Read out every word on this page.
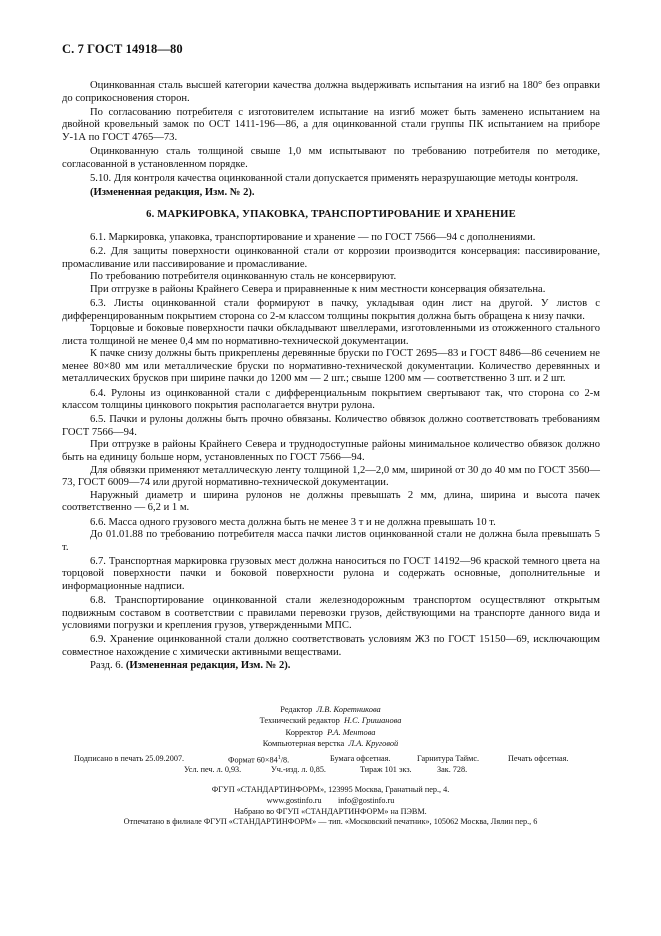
С. 7 ГОСТ 14918—80

Оцинкованная сталь высшей категории качества должна выдерживать испытания на изгиб на 180° без оправки до соприкосновения сторон.

По согласованию потребителя с изготовителем испытание на изгиб может быть заменено испытанием на двойной кровельный замок по ОСТ 1411-196—86, а для оцинкованной стали группы ПК испытанием на приборе У-1А по ГОСТ 4765—73.

Оцинкованную сталь толщиной свыше 1,0 мм испытывают по требованию потребителя по методике, согласованной в установленном порядке.

5.10. Для контроля качества оцинкованной стали допускается применять неразрушающие методы контроля.

(Измененная редакция, Изм. № 2).

6. МАРКИРОВКА, УПАКОВКА, ТРАНСПОРТИРОВАНИЕ И ХРАНЕНИЕ

6.1. Маркировка, упаковка, транспортирование и хранение — по ГОСТ 7566—94 с дополнениями.

6.2. Для защиты поверхности оцинкованной стали от коррозии производится консервация: пассивирование, промасливание или пассивирование и промасливание.

По требованию потребителя оцинкованную сталь не консервируют.

При отгрузке в районы Крайнего Севера и приравненные к ним местности консервация обязательна.

6.3. Листы оцинкованной стали формируют в пачку, укладывая один лист на другой. У листов с дифференцированным покрытием сторона со 2-м классом толщины покрытия должна быть обращена к низу пачки.

Торцовые и боковые поверхности пачки обкладывают швеллерами, изготовленными из отожженного стального листа толщиной не менее 0,4 мм по нормативно-технической документации.

К пачке снизу должны быть прикреплены деревянные бруски по ГОСТ 2695—83 и ГОСТ 8486—86 сечением не менее 80×80 мм или металлические бруски по нормативно-технической документации. Количество деревянных и металлических брусков при ширине пачки до 1200 мм — 2 шт.; свыше 1200 мм — соответственно 3 шт. и 2 шт.

6.4. Рулоны из оцинкованной стали с дифференциальным покрытием свертывают так, что сторона со 2-м классом толщины цинкового покрытия располагается внутри рулона.

6.5. Пачки и рулоны должны быть прочно обвязаны. Количество обвязок должно соответствовать требованиям ГОСТ 7566—94.

При отгрузке в районы Крайнего Севера и труднодоступные районы минимальное количество обвязок должно быть на единицу больше норм, установленных по ГОСТ 7566—94.

Для обвязки применяют металлическую ленту толщиной 1,2—2,0 мм, шириной от 30 до 40 мм по ГОСТ 3560—73, ГОСТ 6009—74 или другой нормативно-технической документации.

Наружный диаметр и ширина рулонов не должны превышать 2 мм, длина, ширина и высота пачек соответственно — 6,2 и 1 м.

6.6. Масса одного грузового места должна быть не менее 3 т и не должна превышать 10 т.

До 01.01.88 по требованию потребителя масса пачки листов оцинкованной стали не должна была превышать 5 т.

6.7. Транспортная маркировка грузовых мест должна наноситься по ГОСТ 14192—96 краской темного цвета на торцовой поверхности пачки и боковой поверхности рулона и содержать основные, дополнительные и информационные надписи.

6.8. Транспортирование оцинкованной стали железнодорожным транспортом осуществляют открытым подвижным составом в соответствии с правилами перевозки грузов, действующими на транспорте данного вида и условиями погрузки и крепления грузов, утвержденными МПС.

6.9. Хранение оцинкованной стали должно соответствовать условиям Ж3 по ГОСТ 15150—69, исключающим совместное нахождение с химически активными веществами.

Разд. 6. (Измененная редакция, Изм. № 2).

Редактор Л.В. Коретникова
Технический редактор Н.С. Гришанова
Корректор Р.А. Ментова
Компьютерная верстка Л.А. Круговой
Подписано в печать 25.09.2007.	Формат $60\times 84^1/8$.	Бумага офсетная.	Гарнитура Таймс.	Печать офсетная.
Усл. печ. л. 0,93.	Уч.-изд. л. 0,85.	Тираж 101 экз.	Зак. 728.
ФГУП «СТАНДАРТИНФОРМ», 123995 Москва, Гранатный пер., 4.
www.gostinfo.ru        info@gostinfo.ru
Набрано во ФГУП «СТАНДАРТИНФОРМ» на ПЭВМ.
Отпечатано в филиале ФГУП «СТАНДАРТИНФОРМ» — тип. «Московский печатник», 105062 Москва, Лялин пер., 6
